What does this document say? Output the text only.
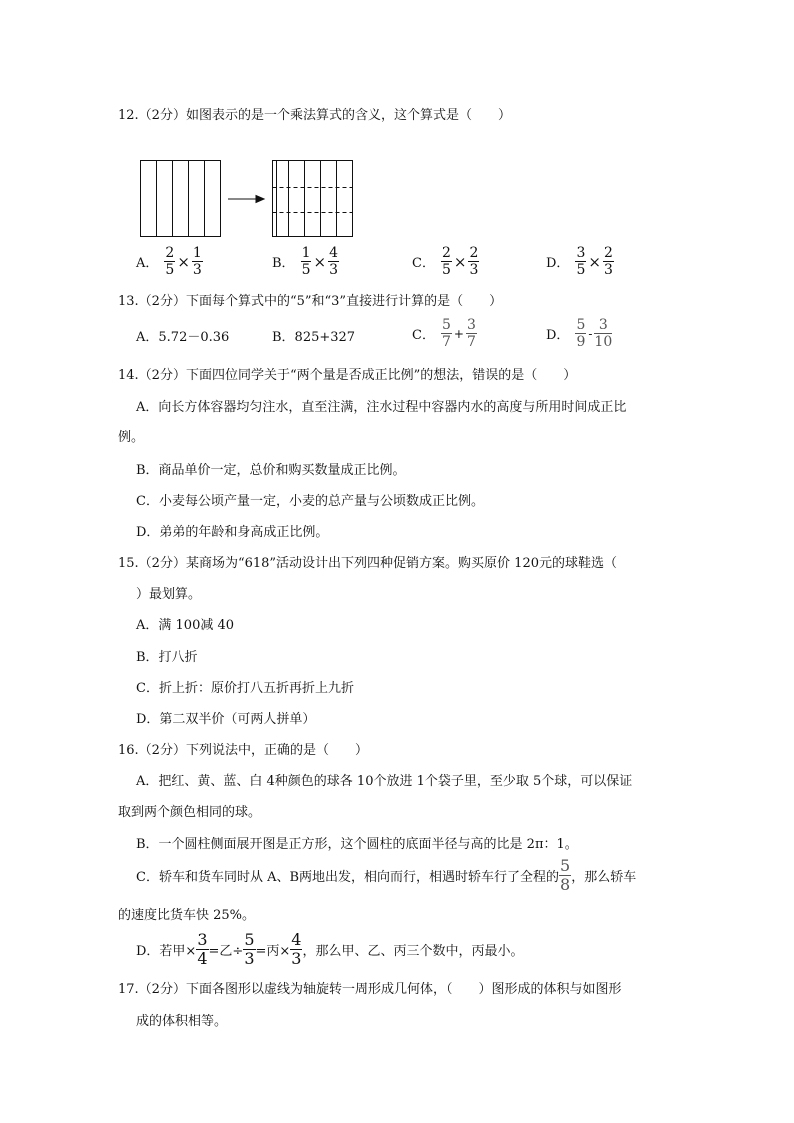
12.（2分）如图表示的是一个乘法算式的含义，这个算式是（　　）
A． $\frac{2}{5} \times \frac{1}{3}$	B． $\frac{1}{5} \times \frac{4}{3}$	C． $\frac{2}{5} \times \frac{2}{3}$	D． $\frac{3}{5} \times \frac{2}{3}$
13.（2分）下面每个算式中的“5”和“3”直接进行计算的是（　　）
A．5.72－0.36	B．825+327	C． $\frac{5}{7} + \frac{3}{7}$	D． $\frac{5}{9} - \frac{3}{10}$
14.（2分）下面四位同学关于“两个量是否成正比例”的想法，错误的是（　　）
A．向长方体容器均匀注水，直至注满，注水过程中容器内水的高度与所用时间成正比
例。
B．商品单价一定，总价和购买数量成正比例。
C．小麦每公顷产量一定，小麦的总产量与公顷数成正比例。
D．弟弟的年龄和身高成正比例。
15.（2分）某商场为“618”活动设计出下列四种促销方案。购买原价 120元的球鞋选（
）最划算。
A．满 100减 40
B．打八折
C．折上折：原价打八五折再折上九折
D．第二双半价（可两人拼单）
16.（2分）下列说法中，正确的是（　　）
A．把红、黄、蓝、白 4种颜色的球各 10个放进 1个袋子里，至少取 5个球，可以保证
取到两个颜色相同的球。
B．一个圆柱侧面展开图是正方形，这个圆柱的底面半径与高的比是 2π：1。
C．轿车和货车同时从 A、B两地出发，相向而行，相遇时轿车行了全程的 $\frac{5}{8}$ ，那么轿车
的速度比货车快 25%。
D．若甲× $\frac{3}{4}$ =乙÷ $\frac{5}{3}$ =丙× $\frac{4}{3}$ ，那么甲、乙、丙三个数中，丙最小。
17.（2分）下面各图形以虚线为轴旋转一周形成几何体，（　　）图形成的体积与如图形
成的体积相等。
